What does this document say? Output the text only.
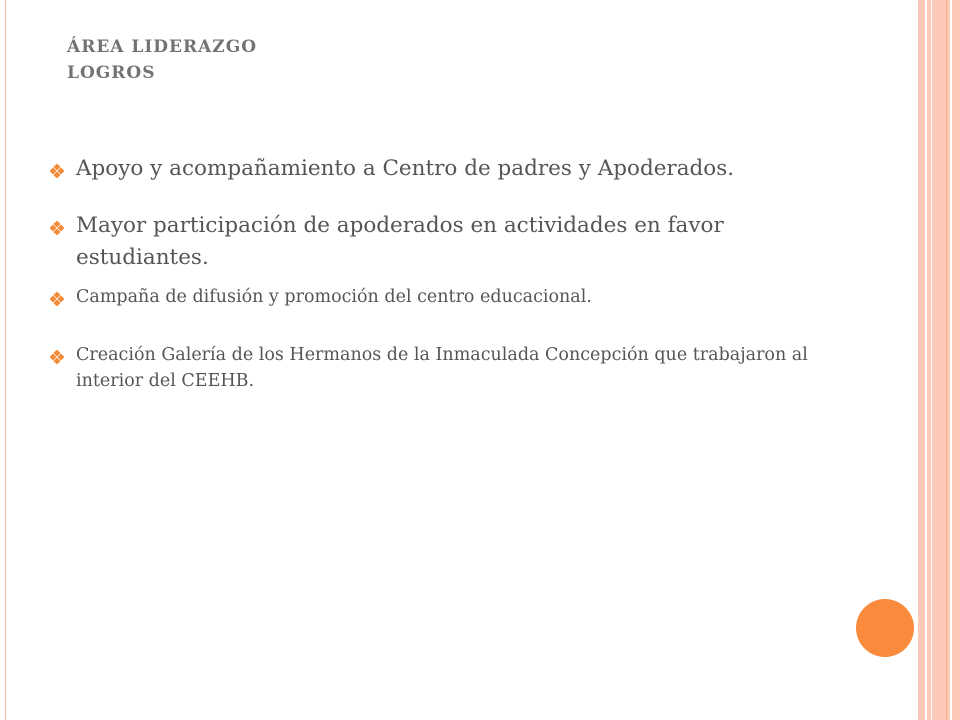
ÁREA LIDERAZGO
LOGROS
Apoyo y acompañamiento a Centro de padres y Apoderados.
Mayor participación de apoderados en actividades en favor estudiantes.
Campaña de difusión y promoción del centro educacional.
Creación Galería de los Hermanos de la Inmaculada Concepción que trabajaron al interior del CEEHB.
